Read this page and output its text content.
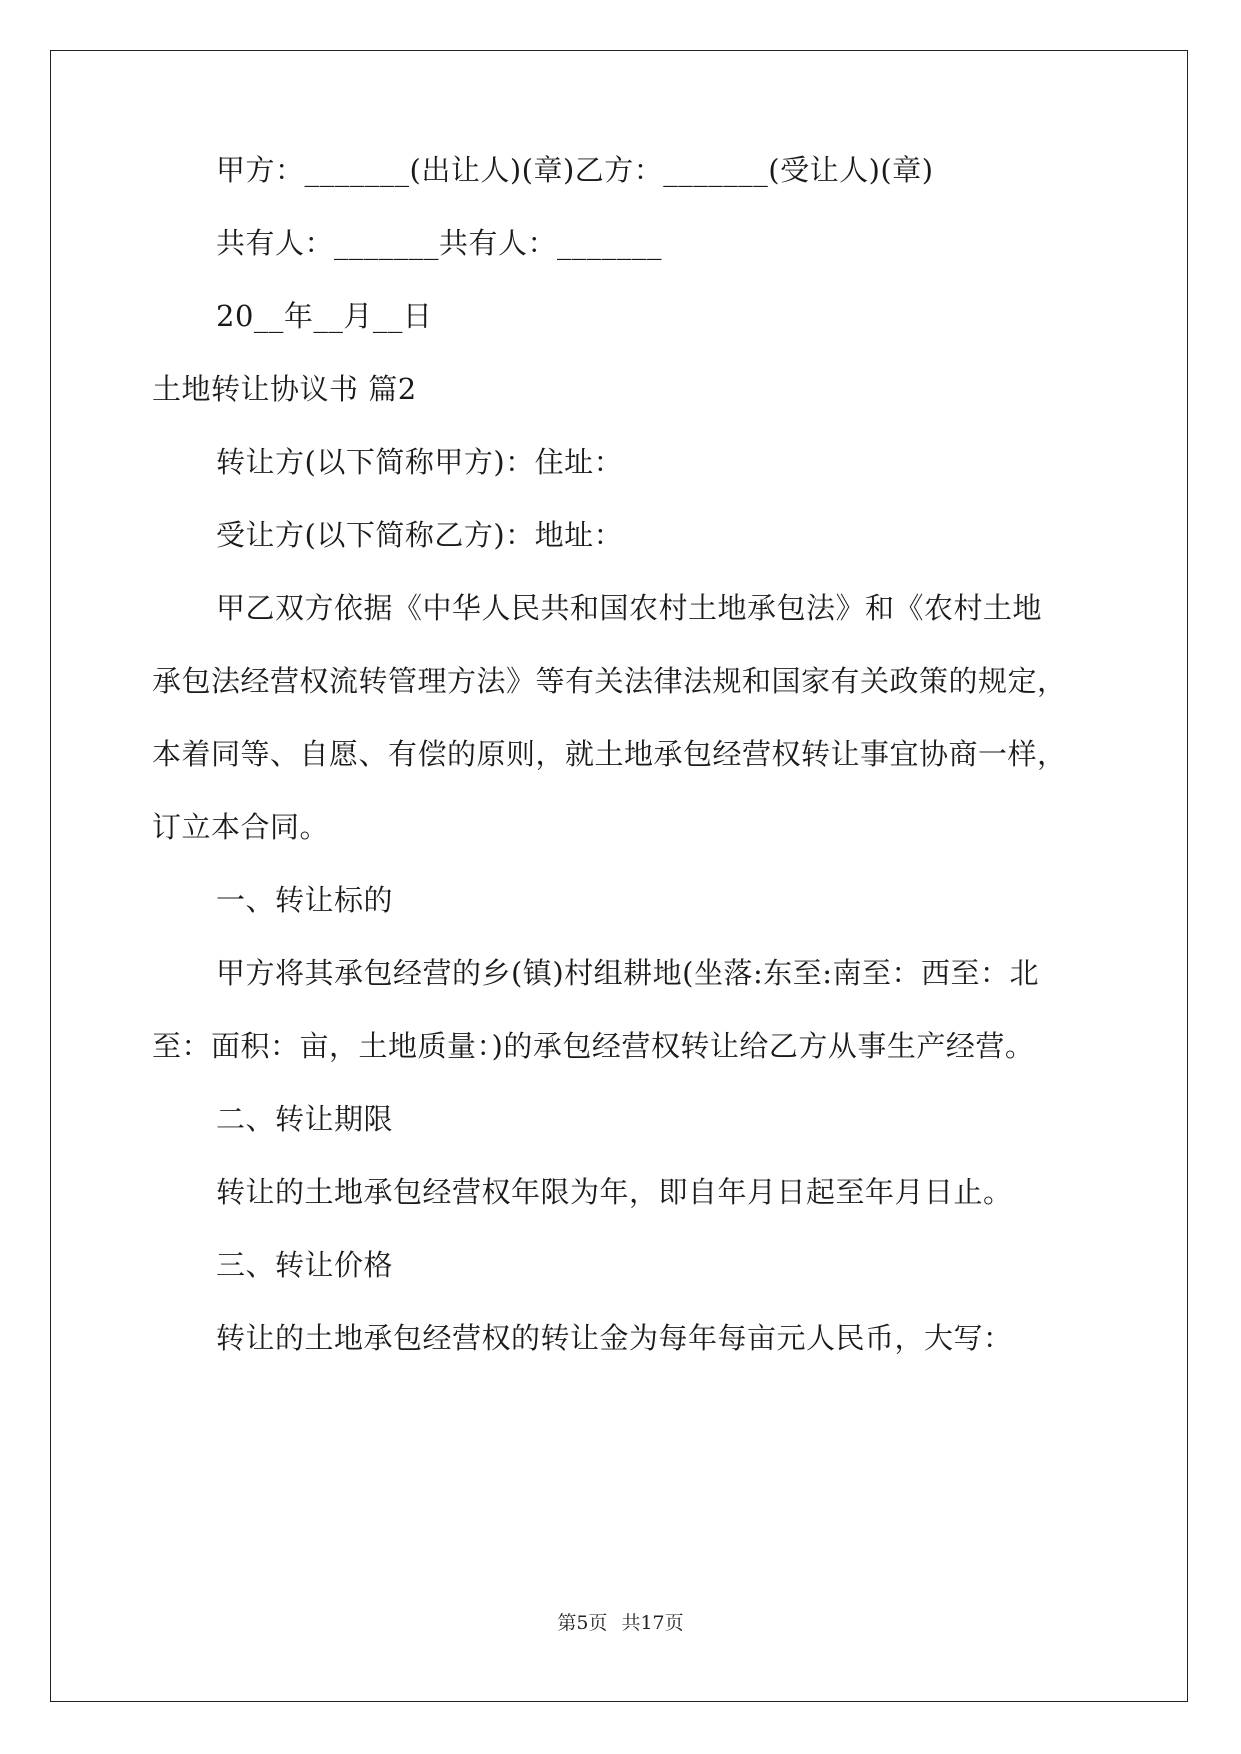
甲方：_______(出让人)(章)乙方：_______(受让人)(章)
共有人：_______共有人：_______
20__年__月__日
土地转让协议书 篇2
转让方(以下简称甲方)：住址：
受让方(以下简称乙方)：地址：
甲乙双方依据《中华人民共和国农村土地承包法》和《农村土地
承包法经营权流转管理方法》等有关法律法规和国家有关政策的规定，
本着同等、自愿、有偿的原则，就土地承包经营权转让事宜协商一样，
订立本合同。
一、转让标的
甲方将其承包经营的乡(镇)村组耕地(坐落:东至:南至：西至：北
至：面积：亩，土地质量：)的承包经营权转让给乙方从事生产经营。
二、转让期限
转让的土地承包经营权年限为年，即自年月日起至年月日止。
三、转让价格
转让的土地承包经营权的转让金为每年每亩元人民币，大写：
第5页 共17页
